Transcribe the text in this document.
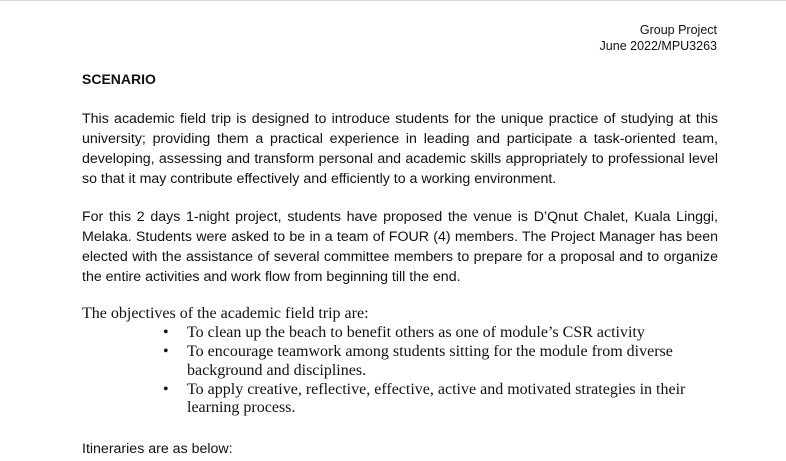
Group Project
June 2022/MPU3263
SCENARIO
This academic field trip is designed to introduce students for the unique practice of studying at this university; providing them a practical experience in leading and participate a task-oriented team, developing, assessing and transform personal and academic skills appropriately to professional level so that it may contribute effectively and efficiently to a working environment.
For this 2 days 1-night project, students have proposed the venue is D’Qnut Chalet, Kuala Linggi, Melaka. Students were asked to be in a team of FOUR (4) members. The Project Manager has been elected with the assistance of several committee members to prepare for a proposal and to organize the entire activities and work flow from beginning till the end.
The objectives of the academic field trip are:
• To clean up the beach to benefit others as one of module’s CSR activity
• To encourage teamwork among students sitting for the module from diverse background and disciplines.
• To apply creative, reflective, effective, active and motivated strategies in their learning process.
Itineraries are as below:
